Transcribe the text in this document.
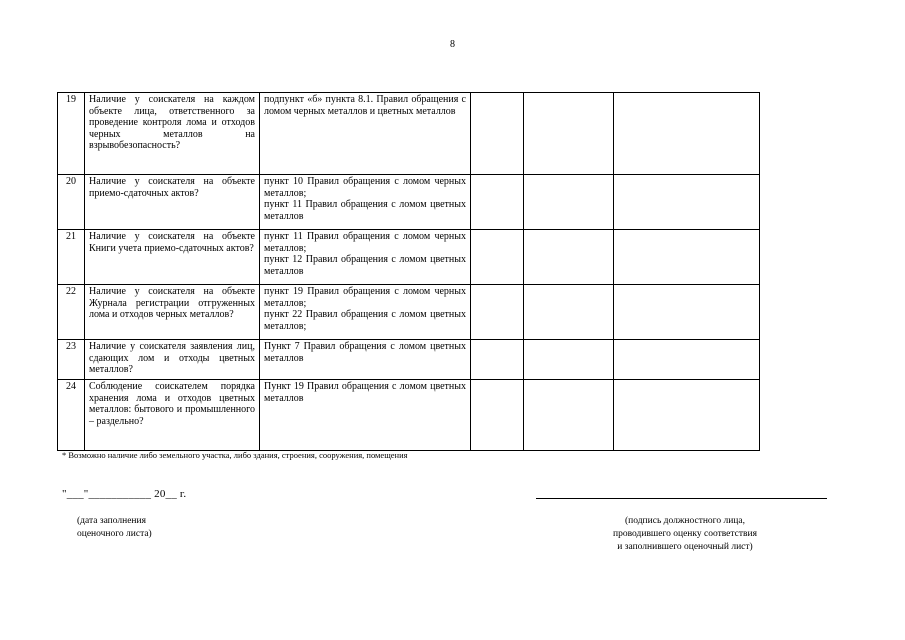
8
19	Наличие у соискателя на каждом объекте лица, ответственного за проведение контроля лома и отходов черных металлов на взрывобезопасность?	подпункт «б» пункта 8.1. Правил обращения с ломом черных металлов и цветных металлов			

20	Наличие у соискателя на объекте приемо-сдаточных актов?	пункт 10 Правил обращения с ломом черных металлов;
пункт 11 Правил обращения с ломом цветных металлов			

21	Наличие у соискателя на объекте Книги учета приемо-сдаточных актов?	пункт 11 Правил обращения с ломом черных металлов;
пункт 12 Правил обращения с ломом цветных металлов			

22	Наличие у соискателя на объекте Журнала регистрации отгруженных лома и отходов черных металлов?	пункт 19 Правил обращения с ломом черных металлов;
пункт 22 Правил обращения с ломом цветных металлов;			

23	Наличие у соискателя заявления лиц, сдающих лом и отходы цветных металлов?	Пункт 7 Правил обращения с ломом цветных металлов			

24	Соблюдение соискателем порядка хранения лома и отходов цветных металлов: бытового и промышленного – раздельно?	Пункт 19 Правил обращения с ломом цветных металлов			

* Возможно наличие либо земельного участка, либо здания, строения, сооружения, помещения
"___"___________ 20__ г.
(дата заполнения
оценочного листа)
(подпись должностного лица,
проводившего оценку соответствия
и заполнившего оценочный лист)
